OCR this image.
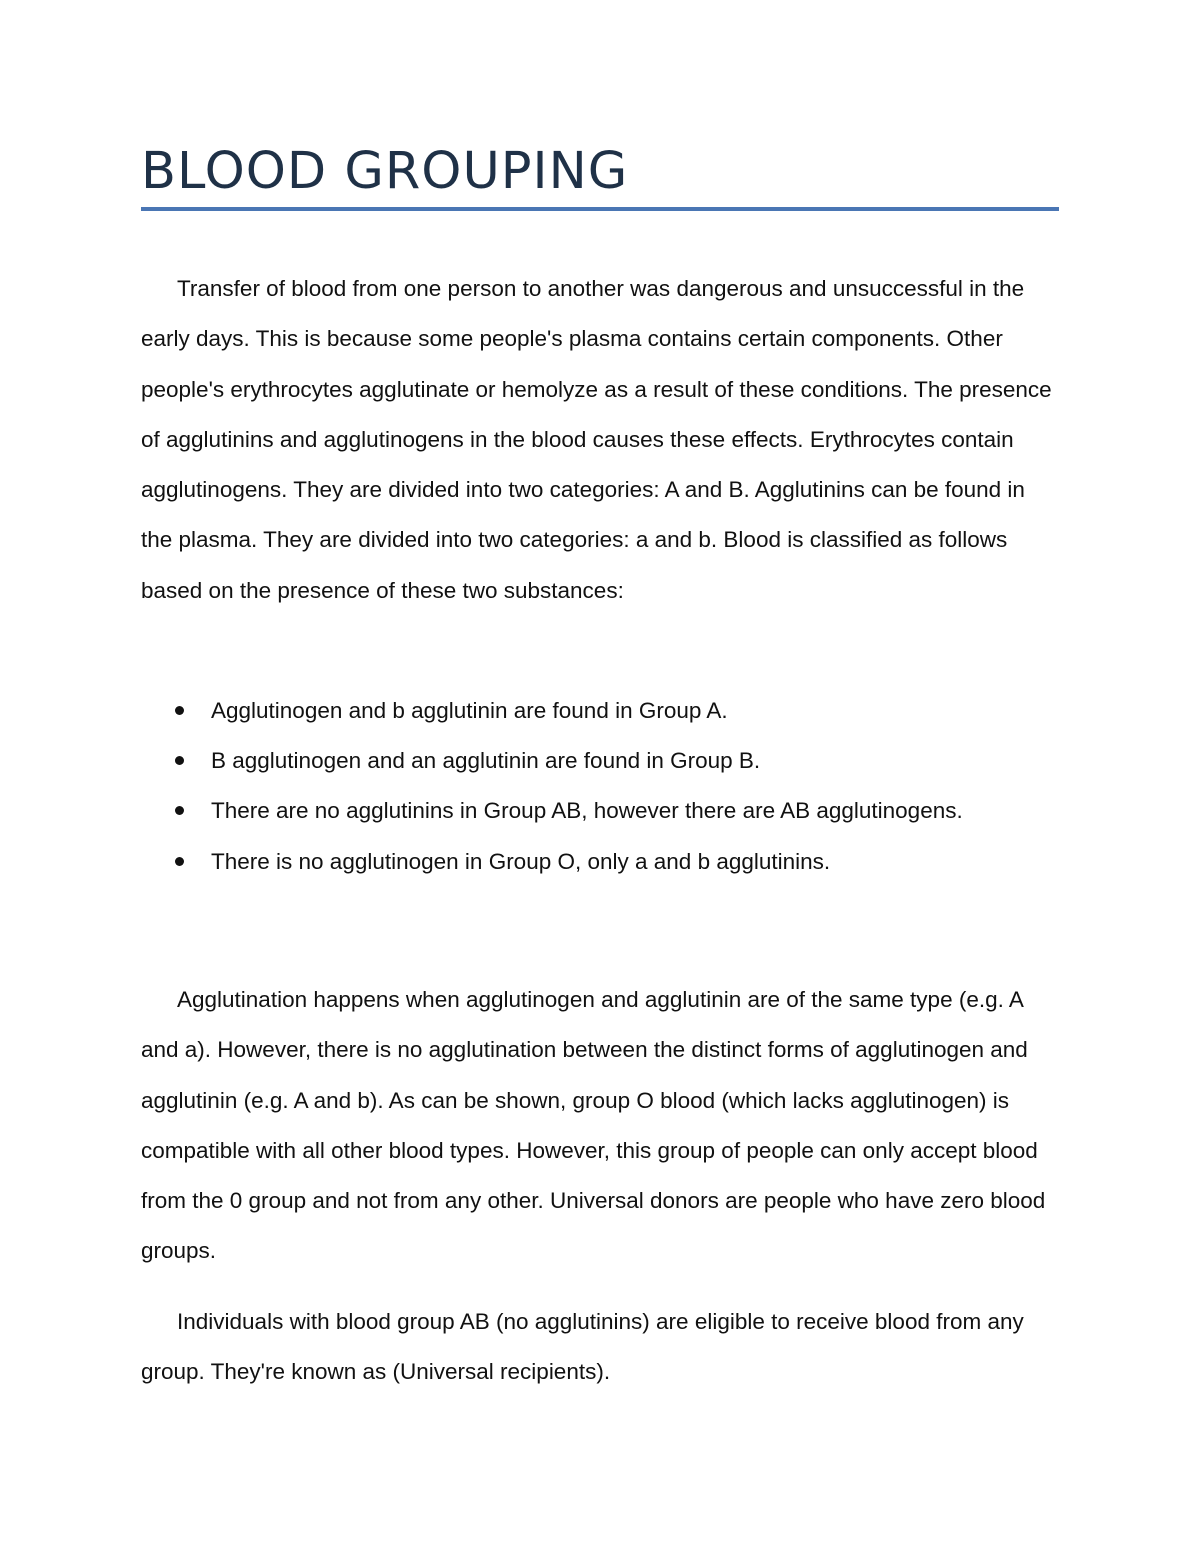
BLOOD GROUPING

Transfer of blood from one person to another was dangerous and unsuccessful in the early days. This is because some people's plasma contains certain components. Other people's erythrocytes agglutinate or hemolyze as a result of these conditions. The presence of agglutinins and agglutinogens in the blood causes these effects. Erythrocytes contain agglutinogens. They are divided into two categories: A and B. Agglutinins can be found in the plasma. They are divided into two categories: a and b. Blood is classified as follows based on the presence of these two substances:

Agglutinogen and b agglutinin are found in Group A.
B agglutinogen and an agglutinin are found in Group B.
There are no agglutinins in Group AB, however there are AB agglutinogens.
There is no agglutinogen in Group O, only a and b agglutinins.

Agglutination happens when agglutinogen and agglutinin are of the same type (e.g. A and a). However, there is no agglutination between the distinct forms of agglutinogen and agglutinin (e.g. A and b). As can be shown, group O blood (which lacks agglutinogen) is compatible with all other blood types. However, this group of people can only accept blood from the 0 group and not from any other. Universal donors are people who have zero blood groups.

Individuals with blood group AB (no agglutinins) are eligible to receive blood from any group. They're known as (Universal recipients).
